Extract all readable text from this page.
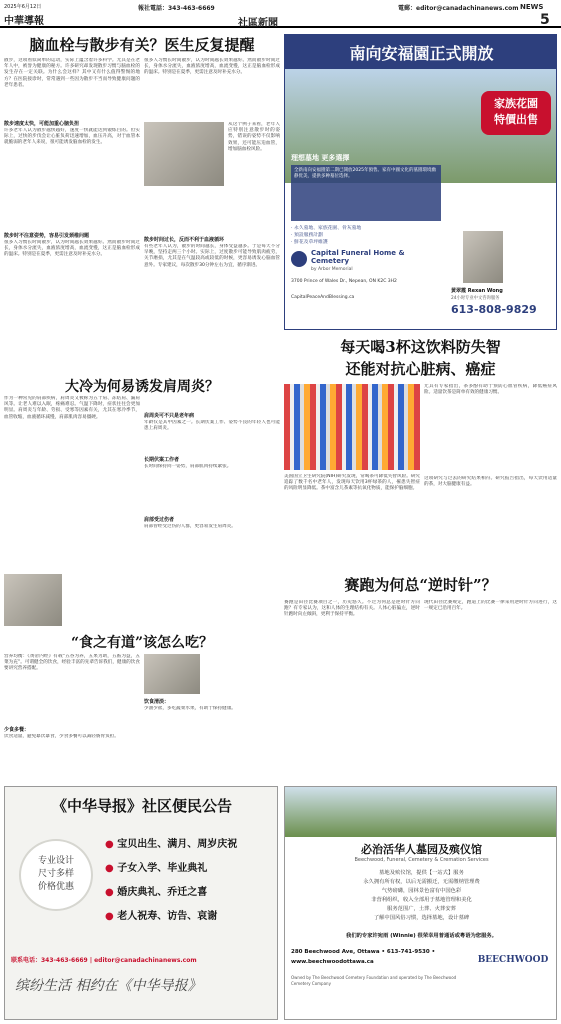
2025年6月12日
中華導報
報社電話：343-463-6669
社區新聞
電郵：editor@canadachinanews.com NEWS
5
脑血栓与散步有关？医生反复提醒
散步，这项看似简单的运动，实际上蕴含着许多科学。尤其是在老年人中，被誉为健康的秘方。许多研究却发现散步习惯与脑血栓的发生存在一定关联。为什么会这样？其中又有什么值得警惕的地方？在医院接诊时，常常遇到一些因为散步不当而导致健康问题的老年患者。
散步速度太快，可能加重心脑负担
许多老年人认为散步越快越好，速度一快就能达到锻炼目的。但实际上，过快的步伐会让心脏负荷迅速增加，血压升高，对于血管本就脆弱的老年人来说，很可能诱发脑血栓的发生。
很多人习惯长时间散步，认为时间越长效果越好。然而散步时间过长，身体水分流失，血液浓度增高，血流变慢，这正是脑血栓形成的温床。特别是在夏季，更需注意及时补充水分。
从这个例子来看，老年人应特别注意散步时的姿势，错误的姿势不仅影响效果，还可能压迫血管，增加脑血栓风险。
散步时不注意姿势，容易引发颈椎问题
很多人习惯长时间散步，认为时间越长效果越好。然而散步时间过长，身体水分流失，血液浓度增高，血流变慢，这正是脑血栓形成的温床。特别是在夏季，更需注意及时补充水分。
散步时间过长，反而不利于血液循环
有些老年人认为，散步的时间越长，身体受益越多。于是每天不分早晚，坚持走两三个小时。实际上，过度散步可能导致肌肉疲劳，关节磨损，尤其是在气温较高或较低的时候，更容易诱发心脑血管意外。专家建议，每次散步30分钟左右为宜，循序渐进。
南向安福園正式開放
理想墓地 更多選擇
全新南向安福園第二期已開放2025年預售。家有中國文化的墓園環境幽静优美，提供多种墓位选择。
家族花園
特價出售
· 永久墓地、家族花園、骨灰墓地
· 預設服務計劃
· 鮮花及草坪維護
Capital Funeral Home & Cemetery
by Arbor Memorial
3700 Prince of Wales Dr., Nepean, ON K2C 3H2
CapitalPeaceAndBlessing.ca
黄翠霞 Rexan Wong
24小时专业中文咨询服务
613-808-9829
大冷为何易诱发肩周炎？
作为一种常见的肩部疾病，肩周炎又被称为五十肩、冻结肩、漏肩风等。让老人难以入眠，疼痛难忍。气温下降时，症状往往会更加明显。肩周炎与年龄、劳损、受寒等因素有关，尤其在寒冷季节，血管收缩，血液循环减慢，肩部肌肉容易僵硬。	肩周炎可不只是老年病
年龄仅是其中因素之一。长期伏案工作、姿势不良的年轻人也可能患上肩周炎。
长期伏案工作者
长时间保持同一姿势，肩部肌肉持续紧张。
肩部受过伤者
肩部曾经受过伤的人群，更容易发生肩周炎。
“食之有道”该怎么吃？
营养均衡：《黄帝内经》有载“五谷为养，五果为助，五畜为益，五菜为充”。可谓健全的饮食，经验丰富的先辈告诉我们，健康的饮食要讲究营养搭配。
少食多餐：
饮食适量，避免暴饮暴食，少食多餐可以减轻肠胃负担。
饮食清淡：
少油少盐，多吃蔬菜水果，有助于保持健康。
每天喝3杯这饮料防失智
还能对抗心脏病、癌症
美国国立卫生研究院(NIH)研究发现，常喝茶可降低失智风险。研究追踪了数千名中老年人，发现每天饮用3杯绿茶的人，罹患失智症的风险明显降低。茶中富含儿茶素等抗氧化物质，能保护脑细胞。
尤其有专家指出，茶多酚有助于预防心血管疾病，降低癌症风险。适量饮茶是简单有效的健康习惯。
这项研究与过去的研究结果相符。研究报告指出，每天饮用适量的茶，对大脑健康有益。
赛跑为何总“逆时针”？
赛跑是田径比赛项目之一，历史悠久。不过为何总是逆时针方向跑？有专家认为，这和人体的生理结构有关。人体心脏偏左，逆时针跑时向左倾斜，更利于保持平衡。
现代田径比赛规定，跑道上的比赛一律采用逆时针方向进行，这一规定已沿用百年。
《中华导报》社区便民公告
专业设计
尺寸多样
价格优惠
● 宝贝出生、满月、周岁庆祝
● 子女入学、毕业典礼
● 婚庆典礼、乔迁之喜
● 老人祝寿、访告、哀谢
联系电话：343-463-6669 | editor@canadachinanews.com
缤纷生活 相约在《中华导报》
必治活华人墓园及殡仪馆
Beechwood, Funeral, Cemetery & Cremation Services
墓地及殡仪馆，提供【一站式】服务
永久拥有所有权，以后无需搬迁，无需缴纳管理费
气势磅礴，园林景色富有中国色彩
非营利组织，收入全部用于墓地管理和美化
服务范围广，土葬、火葬安葬
了解中国风俗习惯，选择墓地，设计墓碑
我们的专家许宛雨 (Winnie) 很荣幸用普通话或粤语为您服务。
280 Beechwood Ave, Ottawa • 613-741-9530 •
www.beechwoodottawa.ca
Owned by The Beechwood Cemetery Foundation and operated by The Beechwood Cemetery Company
BEECHWOOD
